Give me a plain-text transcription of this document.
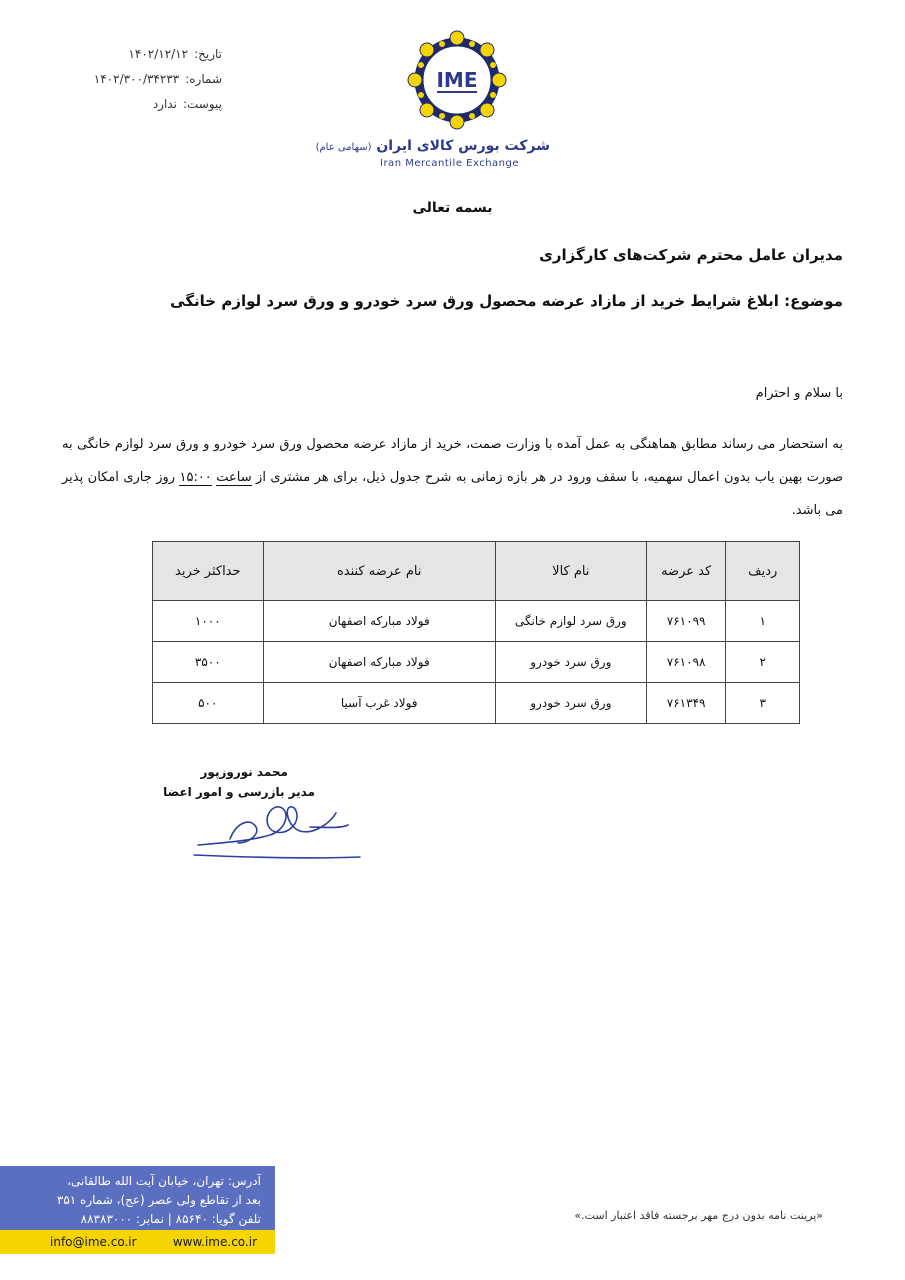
تاریخ:
۱۴۰۲/۱۲/۱۲
شماره:
۱۴۰۲/۳۰۰/۳۴۲۳۳
پیوست:
ندارد
IME
شرکت بورس کالای ایران (سهامی عام)
Iran Mercantile Exchange
بسمه تعالی
مدیران عامل محترم شرکت‌های کارگزاری
موضوع: ابلاغ شرایط خرید از مازاد عرضه محصول ورق سرد خودرو و ورق سرد لوازم خانگی
با سلام و احترام
به استحضار می رساند مطابق هماهنگی به عمل آمده با وزارت صمت، خرید از مازاد عرضه محصول ورق سرد خودرو و ورق سرد لوازم خانگی به صورت بهین یاب بدون اعمال سهمیه، با سقف ورود در هر بازه زمانی به شرح جدول ذیل، برای هر مشتری از ساعت ۱۵:۰۰ روز جاری امکان پذیر می باشد.
ردیف	کد عرضه	نام کالا	نام عرضه کننده	حداکثر خرید
۱	۷۶۱۰۹۹	ورق سرد لوازم خانگی	فولاد مبارکه اصفهان	۱۰۰۰
۲	۷۶۱۰۹۸	ورق سرد خودرو	فولاد مبارکه اصفهان	۳۵۰۰
۳	۷۶۱۳۴۹	ورق سرد خودرو	فولاد غرب آسیا	۵۰۰
محمد نوروزپور
مدیر بازرسی و امور اعضا
آدرس: تهران، خیابان آیت الله طالقانی،
بعد از تقاطع ولی عصر (عج)، شماره ۳۵۱
تلفن گویا: ۸۵۶۴۰ | نمابر: ۸۸۳۸۳۰۰۰
info@ime.co.ir	www.ime.co.ir
«پرینت نامه بدون درج مهر برجسته فاقد اعتبار است.»
